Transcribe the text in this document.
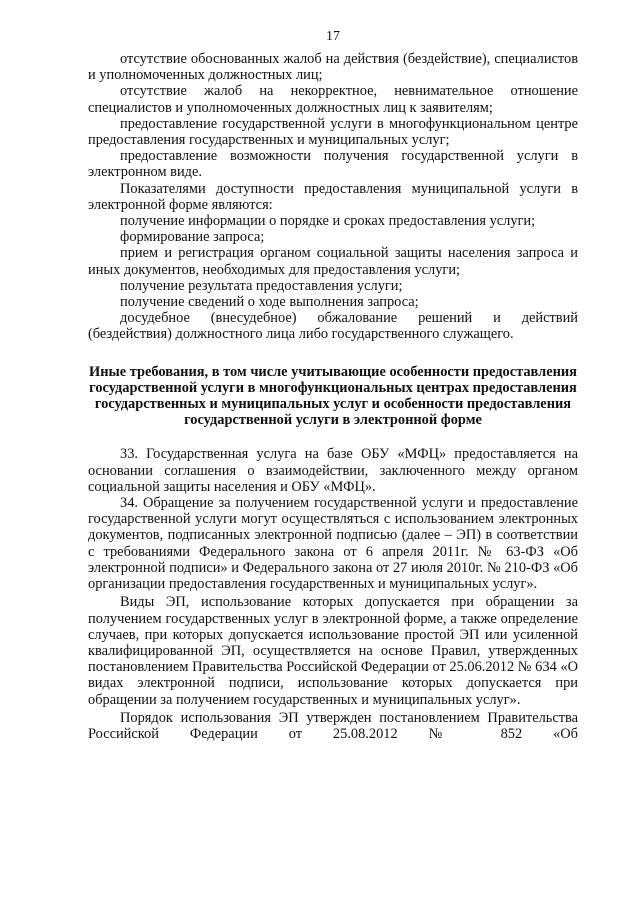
17

отсутствие обоснованных жалоб на действия (бездействие), специалистов и уполномоченных должностных лиц;

отсутствие жалоб на некорректное, невнимательное отношение специалистов и уполномоченных должностных лиц к заявителям;

предоставление государственной услуги в многофункциональном центре предоставления государственных и муниципальных услуг;

предоставление возможности получения государственной услуги в электронном виде.

Показателями доступности предоставления муниципальной услуги в электронной форме являются:

получение информации о порядке и сроках предоставления услуги;

формирование запроса;

прием и регистрация органом социальной защиты населения запроса и иных документов, необходимых для предоставления услуги;

получение результата предоставления услуги;

получение сведений о ходе выполнения запроса;

досудебное (внесудебное) обжалование решений и действий (бездействия) должностного лица либо государственного служащего.

Иные требования, в том числе учитывающие особенности предоставления государственной услуги в многофункциональных центрах предоставления государственных и муниципальных услуг и особенности предоставления государственной услуги в электронной форме

33. Государственная услуга на базе ОБУ «МФЦ» предоставляется на основании соглашения о взаимодействии, заключенного между органом социальной защиты населения и ОБУ «МФЦ».

34. Обращение за получением государственной услуги и предоставление государственной услуги могут осуществляться с использованием электронных документов, подписанных электронной подписью (далее – ЭП) в соответствии с требованиями Федерального закона от 6 апреля 2011г. № 63-ФЗ «Об электронной подписи» и Федерального закона от 27 июля 2010г. № 210-ФЗ «Об организации предоставления государственных и муниципальных услуг».

Виды ЭП, использование которых допускается при обращении за получением государственных услуг в электронной форме, а также определение случаев, при которых допускается использование простой ЭП или усиленной квалифицированной ЭП, осуществляется на основе Правил, утвержденных постановлением Правительства Российской Федерации от 25.06.2012 № 634 «О видах электронной подписи, использование которых допускается при обращении за получением государственных и муниципальных услуг».

Порядок использования ЭП утвержден постановлением Правительства Российской Федерации от 25.08.2012 № 852 «Об
